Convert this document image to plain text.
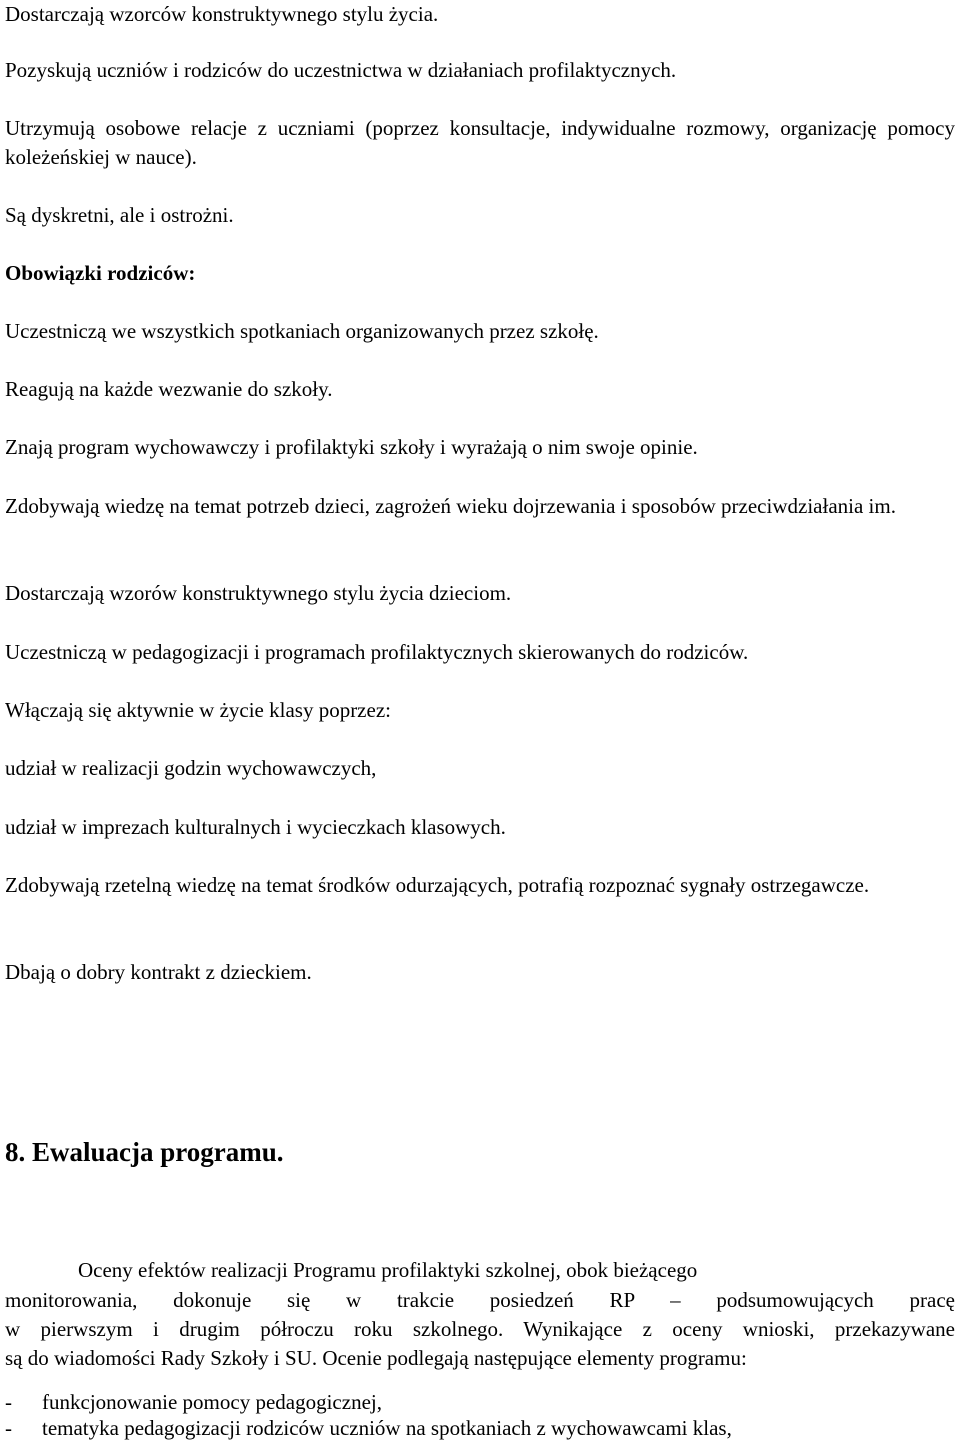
Dostarczają wzorców konstruktywnego stylu życia.

Pozyskują uczniów i rodziców do uczestnictwa w działaniach profilaktycznych.

Utrzymują osobowe relacje z uczniami (poprzez konsultacje, indywidualne rozmowy, organizację pomocy koleżeńskiej w nauce).

Są dyskretni, ale i ostrożni.

Obowiązki rodziców:

Uczestniczą we wszystkich spotkaniach organizowanych przez szkołę.

Reagują na każde wezwanie do szkoły.

Znają program wychowawczy i profilaktyki szkoły i wyrażają o nim swoje opinie.

Zdobywają wiedzę na temat potrzeb dzieci, zagrożeń wieku dojrzewania i sposobów przeciwdziałania im.

Dostarczają wzorów konstruktywnego stylu życia dzieciom.

Uczestniczą w pedagogizacji i programach profilaktycznych skierowanych do rodziców.

Włączają się aktywnie w życie klasy poprzez:

udział w realizacji godzin wychowawczych,

udział w imprezach kulturalnych i wycieczkach klasowych.

Zdobywają rzetelną wiedzę na temat środków odurzających, potrafią rozpoznać sygnały ostrzegawcze.

Dbają o dobry kontrakt z dzieckiem.

8. Ewaluacja programu.

Oceny efektów realizacji Programu profilaktyki szkolnej, obok bieżącego

monitorowania, dokonuje się w trakcie posiedzeń RP – podsumowujących pracę

w pierwszym i drugim półroczu roku szkolnego. Wynikające z oceny wnioski, przekazywane

są do wiadomości Rady Szkoły i SU. Ocenie podlegają następujące elementy programu:

-	funkcjonowanie pomocy pedagogicznej,
-	tematyka pedagogizacji rodziców uczniów na spotkaniach z wychowawcami klas,
